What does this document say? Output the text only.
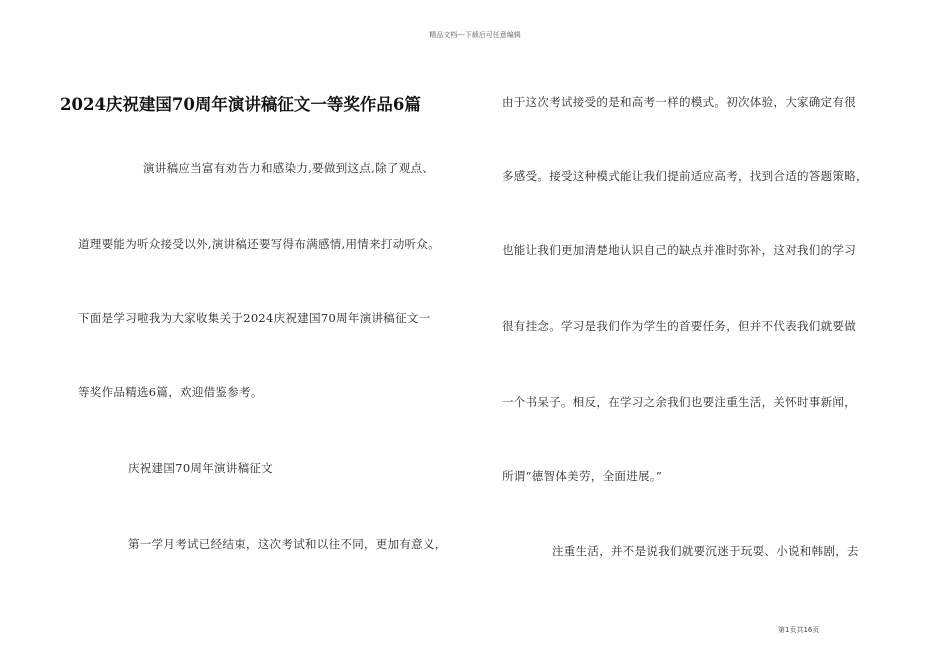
精品文档---下载后可任意编辑
2024庆祝建国70周年演讲稿征文一等奖作品6篇
演讲稿应当富有劝告力和感染力,要做到这点,除了观点、
道理要能为听众接受以外,演讲稿还要写得布满感情,用情来打动听众。
下面是学习啦我为大家收集关于2024庆祝建国70周年演讲稿征文一
等奖作品精选6篇，欢迎借鉴参考。
庆祝建国70周年演讲稿征文
第一学月考试已经结束，这次考试和以往不同，更加有意义，
由于这次考试接受的是和高考一样的模式。初次体验，大家确定有很
多感受。接受这种模式能让我们提前适应高考，找到合适的答题策略，
也能让我们更加清楚地认识自己的缺点并准时弥补，这对我们的学习
很有挂念。学习是我们作为学生的首要任务，但并不代表我们就要做
一个书呆子。相反，在学习之余我们也要注重生活，关怀时事新闻，
所谓“德智体美劳，全面进展。”
注重生活，并不是说我们就要沉迷于玩耍、小说和韩剧，去
第1页共16页
